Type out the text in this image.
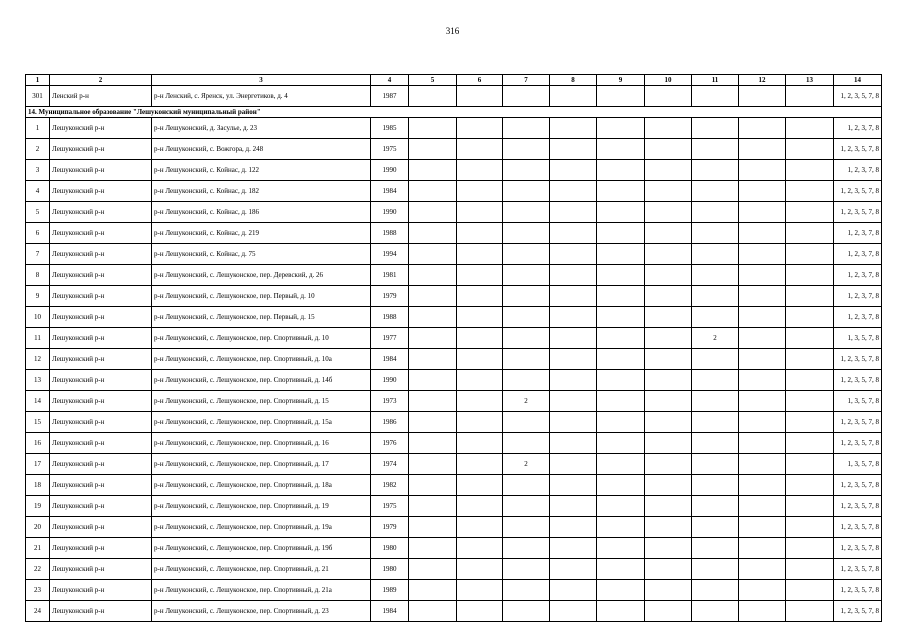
316
1	2	3	4	5	6	7	8	9	10	11	12	13	14
301	Ленский р-н	р-н Ленский, с. Яренск, ул. Энергетиков, д. 4	1987										1, 2, 3, 5, 7, 8
14. Муниципальное образование "Лешуконский муниципальный район"													
1	Лешуконский р-н	р-н Лешуконский, д. Засулье, д. 23	1985										1, 2, 3, 7, 8
2	Лешуконский р-н	р-н Лешуконский, с. Вожгора, д. 248	1975										1, 2, 3, 5, 7, 8
3	Лешуконский р-н	р-н Лешуконский, с. Койнас, д. 122	1990										1, 2, 3, 7, 8
4	Лешуконский р-н	р-н Лешуконский, с. Койнас, д. 182	1984										1, 2, 3, 5, 7, 8
5	Лешуконский р-н	р-н Лешуконский, с. Койнас, д. 186	1990										1, 2, 3, 5, 7, 8
6	Лешуконский р-н	р-н Лешуконский, с. Койнас, д. 219	1988										1, 2, 3, 7, 8
7	Лешуконский р-н	р-н Лешуконский, с. Койнас, д. 75	1994										1, 2, 3, 7, 8
8	Лешуконский р-н	р-н Лешуконский, с. Лешуконское, пер. Деревский, д. 26	1981										1, 2, 3, 7, 8
9	Лешуконский р-н	р-н Лешуконский, с. Лешуконское, пер. Первый, д. 10	1979										1, 2, 3, 7, 8
10	Лешуконский р-н	р-н Лешуконский, с. Лешуконское, пер. Первый, д. 15	1988										1, 2, 3, 7, 8
11	Лешуконский р-н	р-н Лешуконский, с. Лешуконское, пер. Спортивный, д. 10	1977							2			1, 3, 5, 7, 8
12	Лешуконский р-н	р-н Лешуконский, с. Лешуконское, пер. Спортивный, д. 10а	1984										1, 2, 3, 5, 7, 8
13	Лешуконский р-н	р-н Лешуконский, с. Лешуконское, пер. Спортивный, д. 14б	1990										1, 2, 3, 5, 7, 8
14	Лешуконский р-н	р-н Лешуконский, с. Лешуконское, пер. Спортивный, д. 15	1973			2							1, 3, 5, 7, 8
15	Лешуконский р-н	р-н Лешуконский, с. Лешуконское, пер. Спортивный, д. 15а	1986										1, 2, 3, 5, 7, 8
16	Лешуконский р-н	р-н Лешуконский, с. Лешуконское, пер. Спортивный, д. 16	1976										1, 2, 3, 5, 7, 8
17	Лешуконский р-н	р-н Лешуконский, с. Лешуконское, пер. Спортивный, д. 17	1974			2							1, 3, 5, 7, 8
18	Лешуконский р-н	р-н Лешуконский, с. Лешуконское, пер. Спортивный, д. 18а	1982										1, 2, 3, 5, 7, 8
19	Лешуконский р-н	р-н Лешуконский, с. Лешуконское, пер. Спортивный, д. 19	1975										1, 2, 3, 5, 7, 8
20	Лешуконский р-н	р-н Лешуконский, с. Лешуконское, пер. Спортивный, д. 19а	1979										1, 2, 3, 5, 7, 8
21	Лешуконский р-н	р-н Лешуконский, с. Лешуконское, пер. Спортивный, д. 19б	1980										1, 2, 3, 5, 7, 8
22	Лешуконский р-н	р-н Лешуконский, с. Лешуконское, пер. Спортивный, д. 21	1980										1, 2, 3, 5, 7, 8
23	Лешуконский р-н	р-н Лешуконский, с. Лешуконское, пер. Спортивный, д. 21а	1989										1, 2, 3, 5, 7, 8
24	Лешуконский р-н	р-н Лешуконский, с. Лешуконское, пер. Спортивный, д. 23	1984										1, 2, 3, 5, 7, 8
